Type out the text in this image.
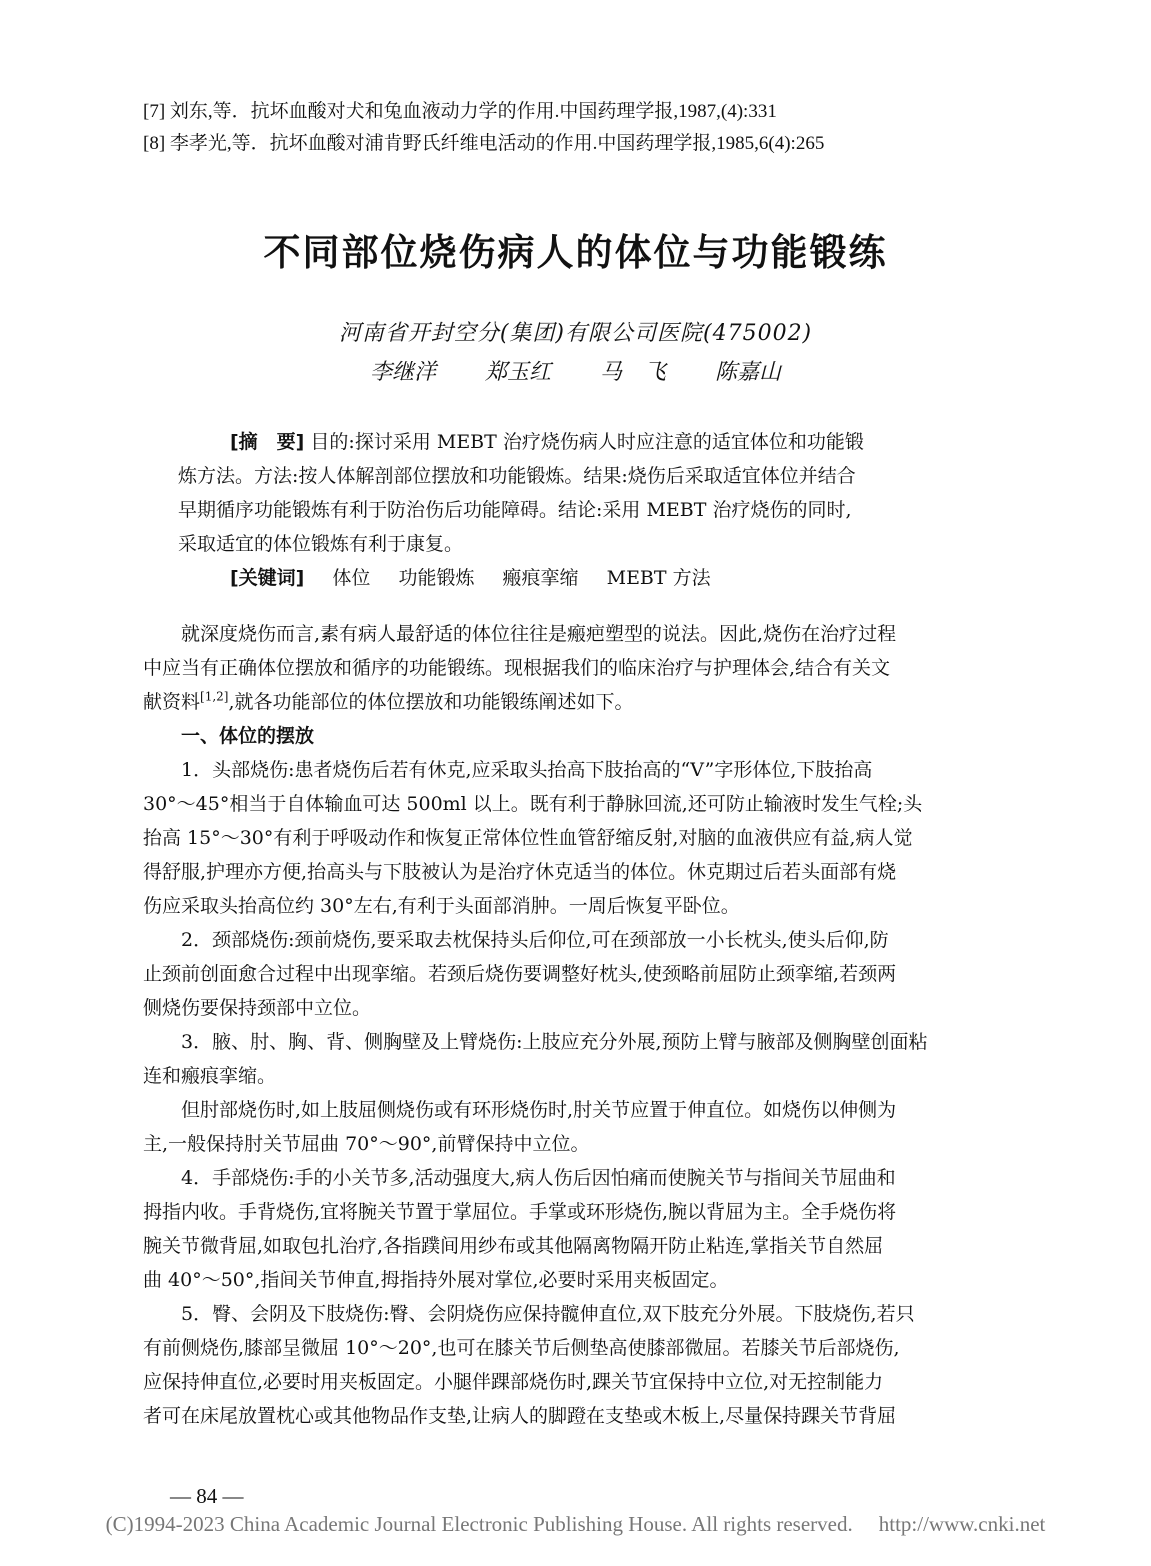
[7] 刘东,等．抗坏血酸对犬和兔血液动力学的作用.中国药理学报,1987,(4):331
[8] 李孝光,等．抗坏血酸对浦肯野氏纤维电活动的作用.中国药理学报,1985,6(4):265
不同部位烧伤病人的体位与功能锻练
河南省开封空分(集团)有限公司医院(475002)
李继洋 郑玉红 马　飞 陈嘉山
[摘　要] 目的:探讨采用 MEBT 治疗烧伤病人时应注意的适宜体位和功能锻
炼方法。方法:按人体解剖部位摆放和功能锻炼。结果:烧伤后采取适宜体位并结合
早期循序功能锻炼有利于防治伤后功能障碍。结论:采用 MEBT 治疗烧伤的同时,
采取适宜的体位锻炼有利于康复。
[关键词] 体位 功能锻炼 瘢痕挛缩 MEBT 方法
就深度烧伤而言,素有病人最舒适的体位往往是瘢疤塑型的说法。因此,烧伤在治疗过程
中应当有正确体位摆放和循序的功能锻练。现根据我们的临床治疗与护理体会,结合有关文
献资料[1,2],就各功能部位的体位摆放和功能锻练阐述如下。
一、体位的摆放
1．头部烧伤:患者烧伤后若有休克,应采取头抬高下肢抬高的“V”字形体位,下肢抬高
30°～45°相当于自体输血可达 500ml 以上。既有利于静脉回流,还可防止输液时发生气栓;头
抬高 15°～30°有利于呼吸动作和恢复正常体位性血管舒缩反射,对脑的血液供应有益,病人觉
得舒服,护理亦方便,抬高头与下肢被认为是治疗休克适当的体位。休克期过后若头面部有烧
伤应采取头抬高位约 30°左右,有利于头面部消肿。一周后恢复平卧位。
2．颈部烧伤:颈前烧伤,要采取去枕保持头后仰位,可在颈部放一小长枕头,使头后仰,防
止颈前创面愈合过程中出现挛缩。若颈后烧伤要调整好枕头,使颈略前屈防止颈挛缩,若颈两
侧烧伤要保持颈部中立位。
3．腋、肘、胸、背、侧胸壁及上臂烧伤:上肢应充分外展,预防上臂与腋部及侧胸壁创面粘
连和瘢痕挛缩。
但肘部烧伤时,如上肢屈侧烧伤或有环形烧伤时,肘关节应置于伸直位。如烧伤以伸侧为
主,一般保持肘关节屈曲 70°～90°,前臂保持中立位。
4．手部烧伤:手的小关节多,活动强度大,病人伤后因怕痛而使腕关节与指间关节屈曲和
拇指内收。手背烧伤,宜将腕关节置于掌屈位。手掌或环形烧伤,腕以背屈为主。全手烧伤将
腕关节微背屈,如取包扎治疗,各指蹼间用纱布或其他隔离物隔开防止粘连,掌指关节自然屈
曲 40°～50°,指间关节伸直,拇指持外展对掌位,必要时采用夹板固定。
5．臀、会阴及下肢烧伤:臀、会阴烧伤应保持髋伸直位,双下肢充分外展。下肢烧伤,若只
有前侧烧伤,膝部呈微屈 10°～20°,也可在膝关节后侧垫高使膝部微屈。若膝关节后部烧伤,
应保持伸直位,必要时用夹板固定。小腿伴踝部烧伤时,踝关节宜保持中立位,对无控制能力
者可在床尾放置枕心或其他物品作支垫,让病人的脚蹬在支垫或木板上,尽量保持踝关节背屈
— 84 —
(C)1994-2023 China Academic Journal Electronic Publishing House. All rights reserved. http://www.cnki.net
